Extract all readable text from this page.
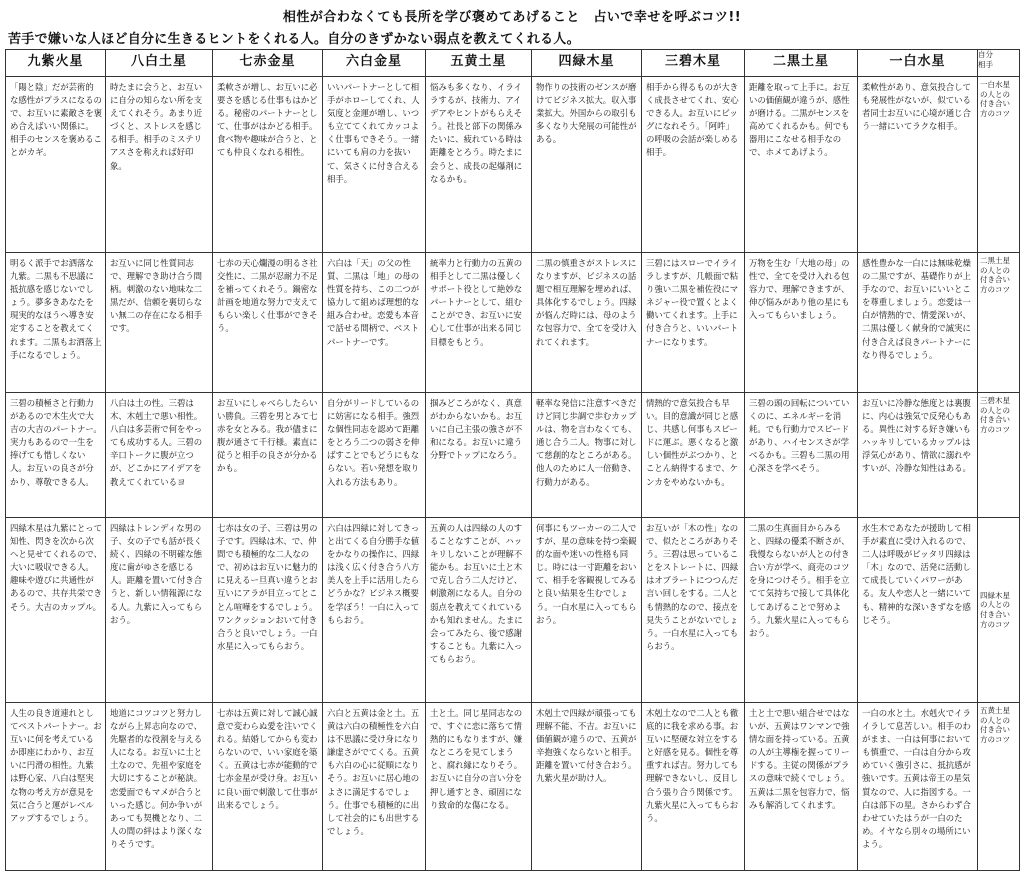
相性が合わなくても長所を学び褒めてあげること　占いで幸せを呼ぶコツ!!
苦手で嫌いな人ほど自分に生きるヒントをくれる人。自分のきずかない弱点を教えてくれる人。
九紫火星	八白土星	七赤金星	六白金星	五黄土星	四緑木星	三碧木星	二黒土星	一白水星	自分
相手

「陽と陰」だが芸術的な感性がプラスになるので、お互いに素敵さを褒め合えばいい関係に。相手のセンスを褒めることがカギ。	時たまに会うと、お互いに自分の知らない所を支えてくれそう。あまり近づくと、ストレスを感じる相手。相手のミステリアスさを称えれば好印象。	柔軟さが増し、お互いに必要さを感じる仕事もはかどる。秘密のパートナーとして、仕事がはかどる相手。食べ物や趣味が合うと、とても仲良くなれる相性。	いいパートナーとして相手がホローしてくれ、人気度と金運が増し、いつも立ててくれてカッコよく仕事もできそう。一緒にいても肩の力を抜いて、気さくに付き合える相手。	悩みも多くなり、イライラするが、技術力、アイデアやヒントがもらえそう。社長と部下の関係みたいに、疲れている時は距離をとろう。時たまに会うと、成長の起爆剤になるかも。	物作りの技術のゼンスが磨けてビジネス拡大。収入事業拡大。外国からの取引も多くなり大発展の可能性がある。	相手から得るものが大きく成長させてくれ、安心できる人。お互いにビッグになれそう。「阿吽」の呼吸の会話が楽しめる相手。	距離を取って上手に。お互いの価値観が違うが、感性が磨ける。二黒がセンスを高めてくれるかも。何でも器用にこなせる相手なので、ホメてあげよう。	柔軟性があり、意気投合しても発展性がないが、似ている者同士お互いに心境が通じ合う一緒にいてラクな相手。	一白水星の人との付き合い方のコツ

明るく派手でお洒落な九紫。二黒も不思議に抵抗感を感じないでしょう。夢多きあなたを現実的なほうへ導き安定することを教えてくれます。二黒もお洒落上手になるでしょう。	お互いに同じ性質同志で、理解でき助け合う間柄。刺激のない地味な二黒だが、信頼を裏切らない無二の存在になる相手です。	七赤の天心爛漫の明るさ社交性に、二黒が忍耐力不足を補ってくれそう。鍋密な計画を地道な努力で支えてもらい楽しく仕事ができそう。	六白は「天」の父の性質、二黒は「地」の母の性質を持ち、この二つが協力して組めば理想的な組み合わせ。恋愛も本音で話せる間柄で、ベストパートナーです。	統率力と行動力の五黄の相手として二黒は優しくサポート役として絶妙なパートナーとして、組むことができ、お互いに安心して仕事が出来る同じ目標をもとう。	二黒の慎重さがストレスになりますが、ビジネスの話題で相互理解を埋めれば、具体化するでしょう。四緑が悩んだ時には、母のような包容力で、全てを受け入れてくれます。	三碧にはスローでイライラしますが、几帳面で粘り強い二黒を補佐役にマネジャー役で置くとよく働いてくれます。上手に付き合うと、いいパートナーになります。	万物を生む「大地の母」の性で、全てを受け入れる包容力で、理解できますが、伸び悩みがあり他の星にも入ってもらいましょう。	感性豊かな一白には無味乾燥の二黒ですが、基礎作りが上手なので、お互いにいいとこを尊重しましょう。恋愛は一白が情熱的で、情愛深いが、二黒は優しく献身的で誠実に付き合えば良きパートナーになり得るでしょう。	二黒土星の人との付き合い方のコツ

三碧の積極さと行動力があるので木生火で大吉の大吉のパートナー。実力もあるので一生を捧げても惜しくない人。お互いの良さが分かり、尊敬できる人。	八白は土の性。三碧は木、木剋土で悪い相性。八白は多芸術で何をやっても成功する人。三碧の辛口トークに腹が立つが、どこかにアイデアを教えてくれているヨ	お互いにしゃべらしたらいい勝負。三碧を男とみて七赤を女とみる。我が儘まに腹が通さて千行様。素直に従うと相手の良さが分かるかも。	自分がリードしているのに妨害になる相手。強烈な個性同志を認めて距離をとろう二つの弱さを伸ばすことでもどうにもならない。若い発想を取り入れる方法もあり。	掴みどころがなく、真意がわからないかも。お互いに自己主張の強さが不和になる。お互いに違う分野でトップになろう。	軽率な発信に注意すべきだけど同じ歩調で歩むカップルは、物を言わなくても、通じ合う二人。物事に対して慈創的なところがある。他人のために人一倍動き、行動力がある。	情熱的で意気投合も早い。目的意識が同じと感じ、共感し何事もスピードに運ぶ。悪くなると激しい個性がぶつかり、とことん納得するまで、ケンカをやめないかも。	三碧の頭の回転についていくのに、エネルギーを消耗。でも行動力でスピードがあり、ハイセンスさが学べるかも。三碧も二黒の用心深さを学べそう。	お互いに冷静な態度とは裏腹に、内心は強気で反発心もある。異性に対する好き嫌いもハッキリしているカップルは浮気心があり、情欲に溺れやすいが、冷静な知性はある。	三碧木星の人との付き合い方のコツ

四緑木星は九紫にとって知性、閃きを次から次へと見せてくれるので、大いに吸収できる人。趣味や遊びに共通性があるので、共存共栄できそう。大吉のカップル。	四緑はトレンディな男の子、女の子でも話が長く続く、四緑の不明確な態度に歯がゆさを感じる人。距離を置いて付き合うと、新しい情報源になる人。九紫に入ってもらおう。	七赤は女の子、三碧は男の子です。四緑は木、で、仲間でも積極的な二人なので、初めはお互いに魅力的に見えるー旦真い違うとお互いにアラが目立ってとことん喧嘩をするでしょう。ワンクッションおいて付き合うと良いでしょう。一白水星に入ってもらおう。	六白は四緑に対してきっと出てくる自分勝手な値をかなりの操作に、四緑は浅く広く付き合う八方美人を上手に活用したらどうかな？ビジネス概要を学ぼう！一白に入ってもらおう。	五黄の人は四緑の人のすることなすことが、ハッキリしないことが理解不能かも。お互いに土と木で克し合う二人だけど、刺激剤になる人。自分の弱点を教えてくれているかも知れません。たまに会ってみたら、後で感謝することも。九紫に入ってもらおう。	何事にもツーカーの二人ですが、星の意味を持つ楽観的な面や迷いの性格も同じ。時には一寸距離をおいて、相手を客観視してみると良い結果を生むでしょう。一白水星に入ってもらおう。	お互いが「木の性」なので、似たところがありそう。三碧は思っていることをストレートに、四緑はオブラートにつつんだ言い回しをする。二人とも情熱的なので、接点を見失うことがないでしょう。一白水星に入ってもらおう。	二黒の生真面目からみると、四緑の優柔不断さが、我慢ならないが人との付き合い方が学べ、商売のコツを身につけそう。相手を立てて気持ちで接して具体化してあげることで努めよう。九紫火星に入ってもらおう。	水生木であなたが援助して相手が素直に受け入れるので、二人は呼吸がピッタリ四緑は「木」なので、活発に活動して成長していくパワーがある。友人や恋人と一緒にいても、精神的な深いきずなを感じそう。	四緑木星の人との付き合い方のコツ

人生の良き道連れとしてベストパートナー。お互いに何を考えているか即座にわかり、お互いに円滑の相性。九紫は野心家、八白は堅実な物の考え方が意見を気に合うと運がレベルアップするでしょう。	地道にコツコツと努力しながら上昇志向なので、先駆者的な役割を与える人になる。お互いに土と土なので、先祖や家庭を大切にすることが秘訣。恋愛面でもマメが合うといった感じ。何か争いがあっても契機となり、二人の間の絆はより深くなりそうです。	七赤は五黄に対して誠心誠意で変わらぬ愛を注いでくれる。結婚してからも変わらないので、いい家庭を築く。五黄は七赤が能動的で七赤金星が受け身。お互いに良い面で刺激して仕事が出来るでしょう。	六白と五黄は金と土。五黄は六白の積極性を六白は不思議に受け身になり謙虚さがでてくる。五黄も六白の心に従順になりそう。お互いに居心地のよさに満足するでしょう。仕事でも積極的に出して社会的にも出世するでしょう。	土と土。同じ星同志なので、すぐに恋に落ちて情熱的にもなりますが、嫌なところを見てしまうと、腐れ縁になりそう。お互いに自分の言い分を押し通すとき、頑固になり致命的な傷になる。	木剋土で四緑が頑張っても理解不能、不吉。お互いに価値観が違うので、五黄が辛抱強くならないと相手。距離を置いて付き合おう。九紫火星が助け人。	木剋土なので二人とも徹底的に我を求める事。お互いに堅硬な対立をすると好感を見る。個性を尊重すれば吉。努力しても理解できないし、反目し合う張り合う関係です。九紫火星に入ってもらおう。	土と土で悪い組合せではないが、五黄はワンマンで強情な面を持っている。五黄の人が主導権を握ってリードする。主従の関係がプラスの意味で続くでしょう。五黄は二黒を包容力で、悩みも解消してくれます。	一白の水と土。水剋火でイライラして息苦しい。相手のわがまま、一白は何事においても慎重で、一白は自分から攻めていく強引さに、抵抗感が強いです。五黄は帝王の星気質なので、人に指図する。一白は部下の星。さからわず合わせていたはうが一白のため。イヤなら別々の場所にいよう。	五黄土星の人との付き合い方のコツ
